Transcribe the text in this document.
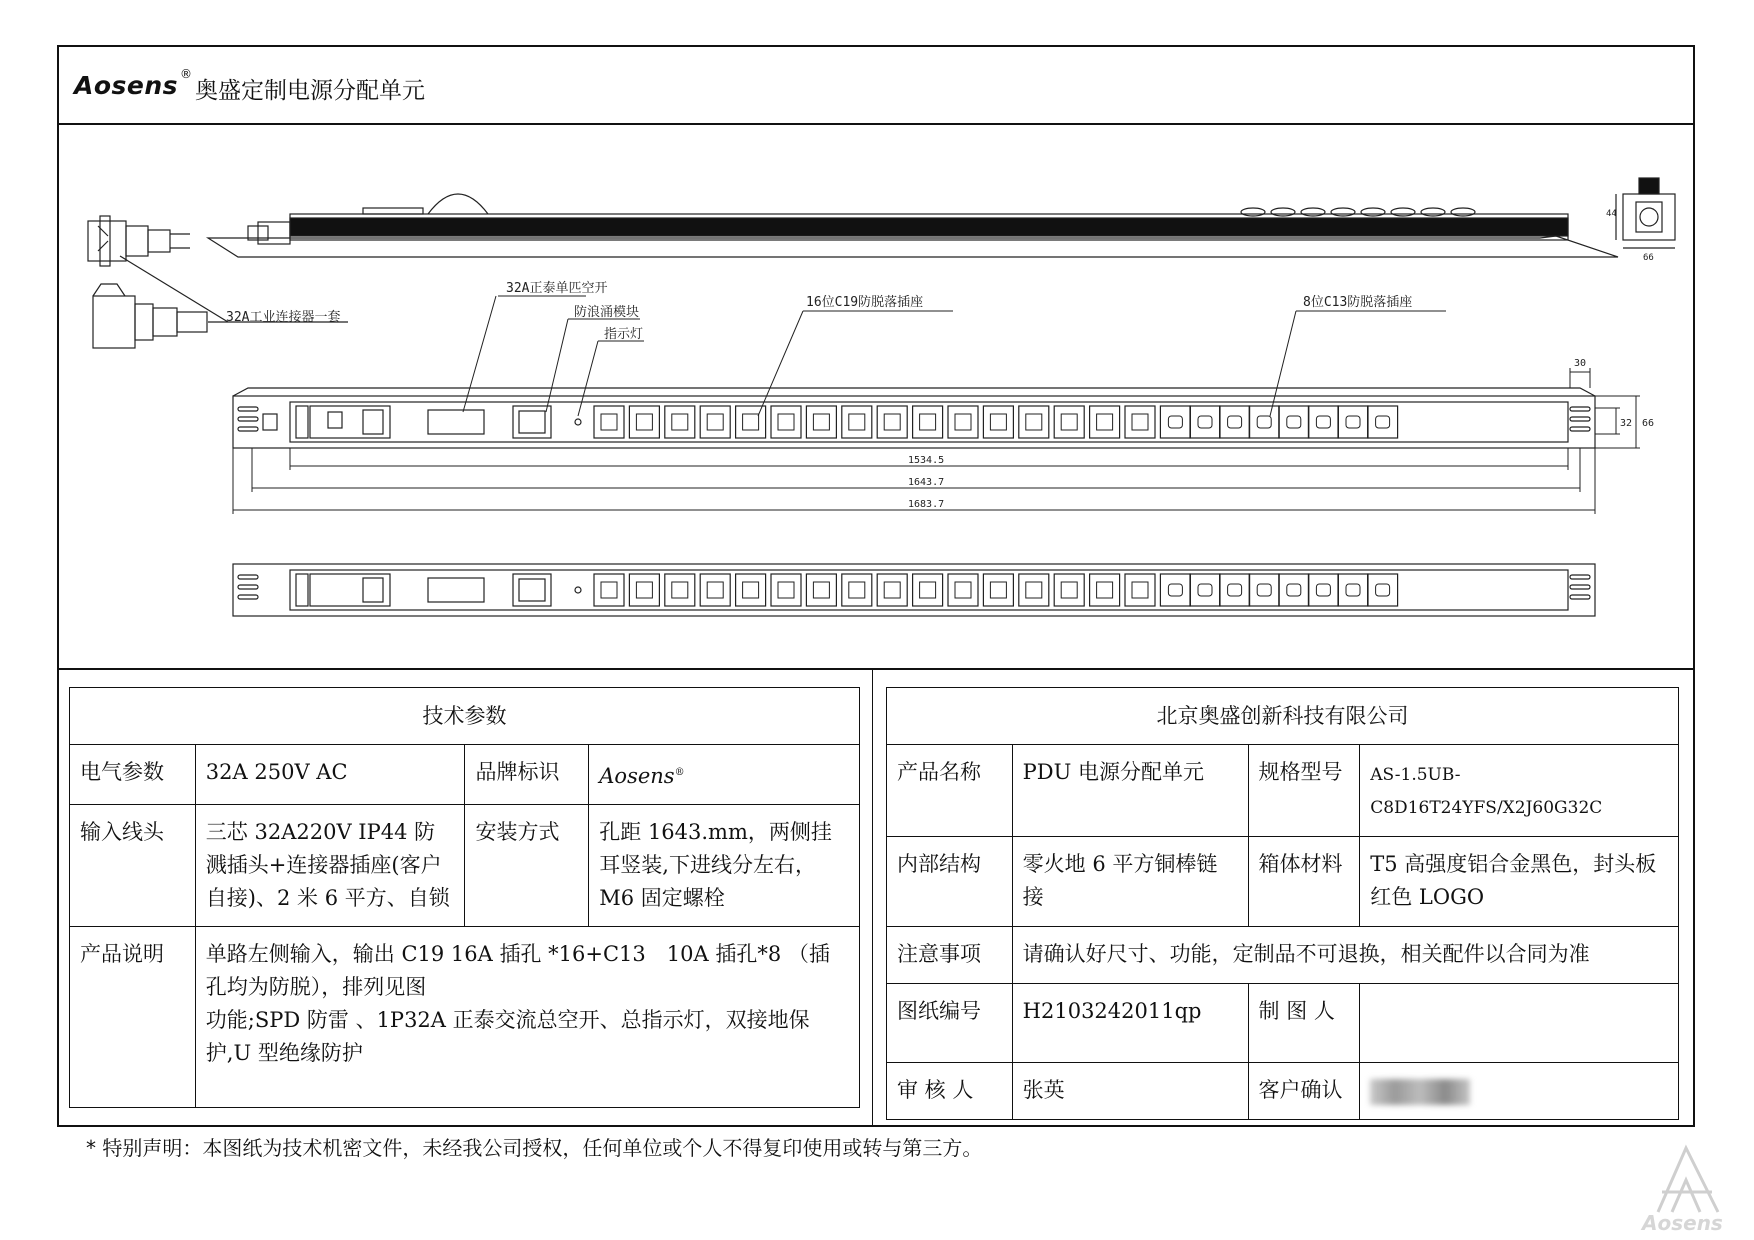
Aosens ®
奥盛定制电源分配单元
44
66
32A工业连接器一套
32A正泰单匹空开
防浪涌模块
指示灯
16位C19防脱落插座	8位C13防脱落插座
1534.5
1643.7
1683.7
30
32 66
技术参数			
电气参数	32A 250V AC	品牌标识	Aosens®
输入线头	三芯 32A220V IP44 防溅插头+连接器插座(客户自接)、2 米 6 平方、自锁	安装方式	孔距 1643.mm，两侧挂耳竖装,下进线分左右，M6 固定螺栓
产品说明	单路左侧输入，输出 C19 16A 插孔 *16+C13　10A 插孔*8 （插孔均为防脱），排列见图
功能;SPD 防雷 、1P32A 正泰交流总空开、总指示灯，双接地保护,U 型绝缘防护		
北京奥盛创新科技有限公司			
产品名称	PDU 电源分配单元	规格型号	AS-1.5UB-C8D16T24YFS/X2J60G32C
内部结构	零火地 6 平方铜棒链接	箱体材料	T5 高强度铝合金黑色，封头板红色 LOGO
注意事项	请确认好尺寸、功能，定制品不可退换，相关配件以合同为准		
图纸编号	H2103242011qp	制 图 人	
审 核 人	张英	客户确认	
* 特别声明：本图纸为技术机密文件，未经我公司授权，任何单位或个人不得复印使用或转与第三方。
Aosens
